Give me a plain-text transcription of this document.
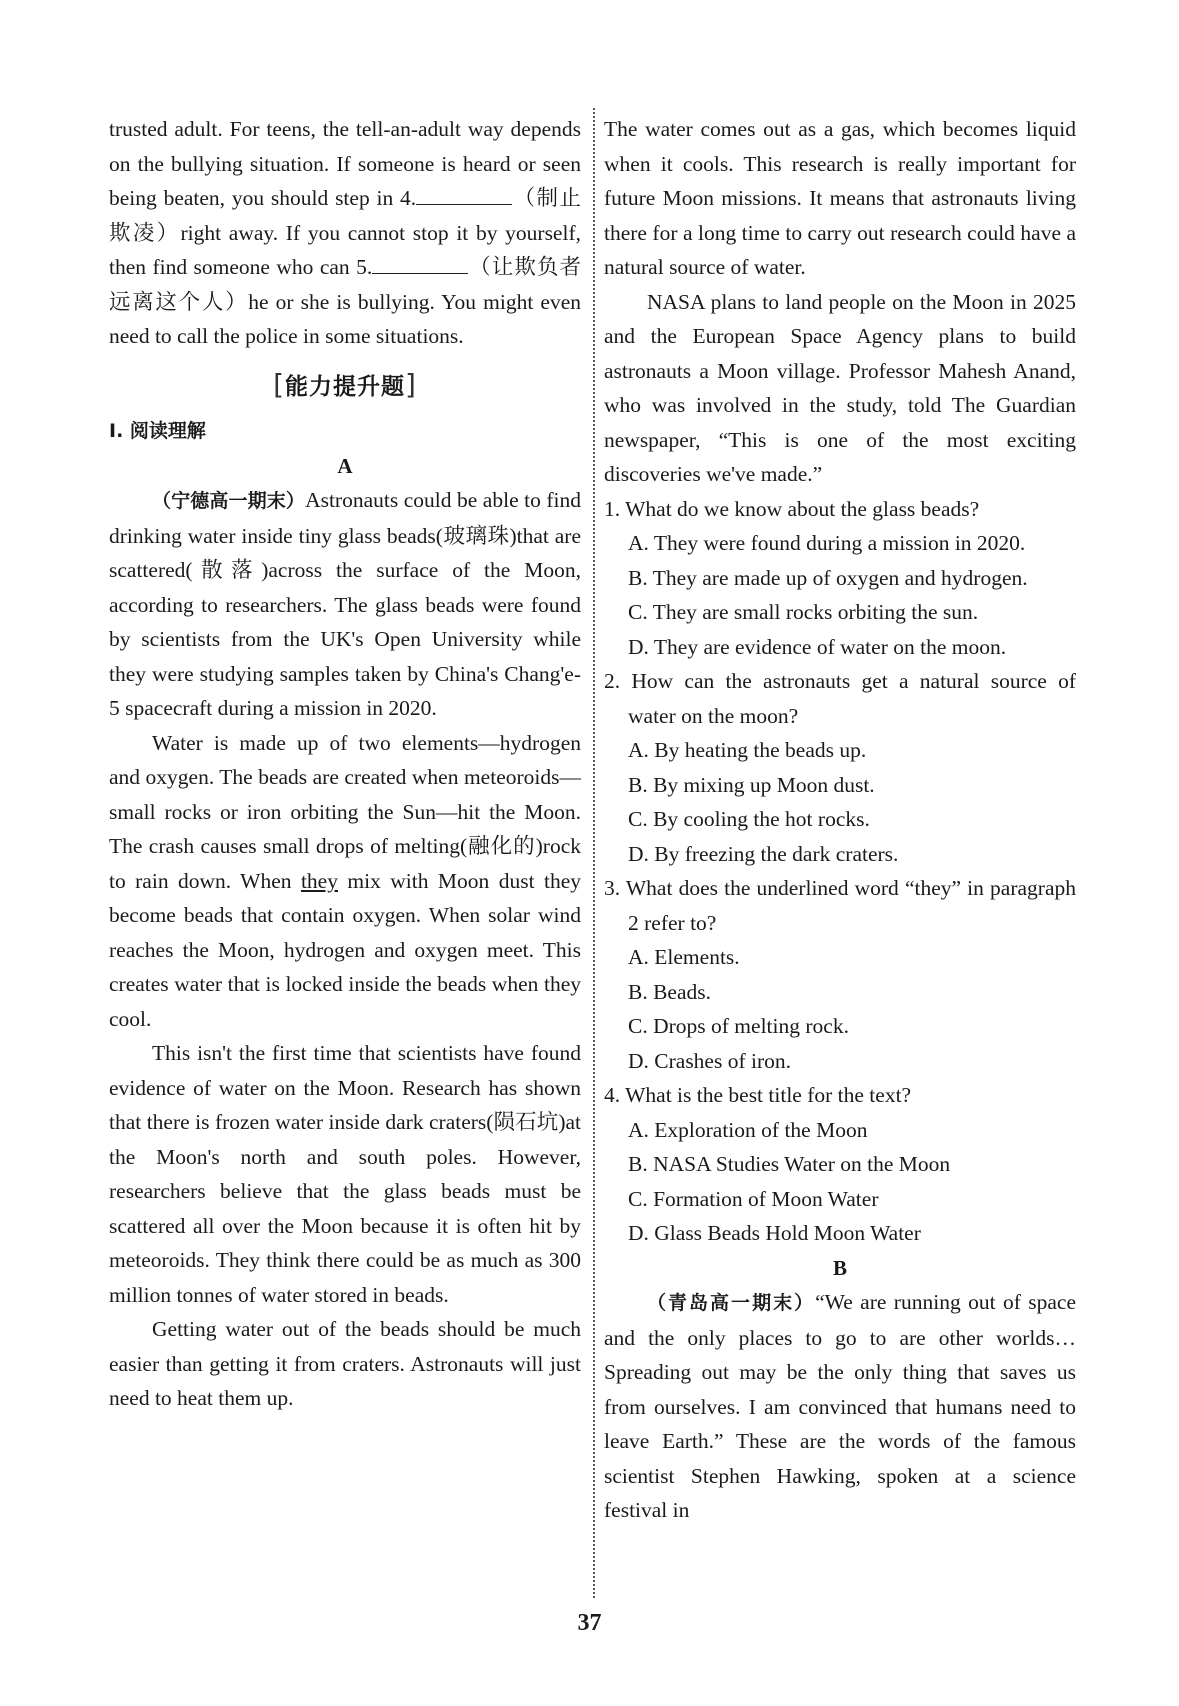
trusted adult. For teens, the tell-an-adult way depends on the bullying situation. If someone is heard or seen being beaten, you should step in 4.	（制止欺凌）right away. If you cannot stop it by yourself, then find someone who can 5.	（让欺负者远离这个人）he or she is bullying. You might even need to call the police in some situations.

[能力提升题]
Ⅰ. 阅读理解
A

（宁德高一期末）Astronauts could be able to find drinking water inside tiny glass beads(玻璃珠)that are scattered(散落)across the surface of the Moon, according to researchers. The glass beads were found by scientists from the UK's Open University while they were studying samples taken by China's Chang'e-5 spacecraft during a mission in 2020.

Water is made up of two elements—hydrogen and oxygen. The beads are created when meteoroids—small rocks or iron orbiting the Sun—hit the Moon. The crash causes small drops of melting(融化的)rock to rain down. When they mix with Moon dust they become beads that contain oxygen. When solar wind reaches the Moon, hydrogen and oxygen meet. This creates water that is locked inside the beads when they cool.

This isn't the first time that scientists have found evidence of water on the Moon. Research has shown that there is frozen water inside dark craters(陨石坑)at the Moon's north and south poles. However, researchers believe that the glass beads must be scattered all over the Moon because it is often hit by meteoroids. They think there could be as much as 300 million tonnes of water stored in beads.

Getting water out of the beads should be much easier than getting it from craters. Astronauts will just need to heat them up.

The water comes out as a gas, which becomes liquid when it cools. This research is really important for future Moon missions. It means that astronauts living there for a long time to carry out research could have a natural source of water.

NASA plans to land people on the Moon in 2025 and the European Space Agency plans to build astronauts a Moon village. Professor Mahesh Anand, who was involved in the study, told The Guardian newspaper, “This is one of the most exciting discoveries we've made.”

1. What do we know about the glass beads?

A. They were found during a mission in 2020.

B. They are made up of oxygen and hydrogen.

C. They are small rocks orbiting the sun.

D. They are evidence of water on the moon.

2. How can the astronauts get a natural source of water on the moon?

A. By heating the beads up.

B. By mixing up Moon dust.

C. By cooling the hot rocks.

D. By freezing the dark craters.

3. What does the underlined word “they” in paragraph 2 refer to?

A. Elements.

B. Beads.

C. Drops of melting rock.

D. Crashes of iron.

4. What is the best title for the text?

A. Exploration of the Moon

B. NASA Studies Water on the Moon

C. Formation of Moon Water

D. Glass Beads Hold Moon Water

B

（青岛高一期末）“We are running out of space and the only places to go to are other worlds… Spreading out may be the only thing that saves us from ourselves. I am convinced that humans need to leave Earth.” These are the words of the famous scientist Stephen Hawking, spoken at a science festival in

37
